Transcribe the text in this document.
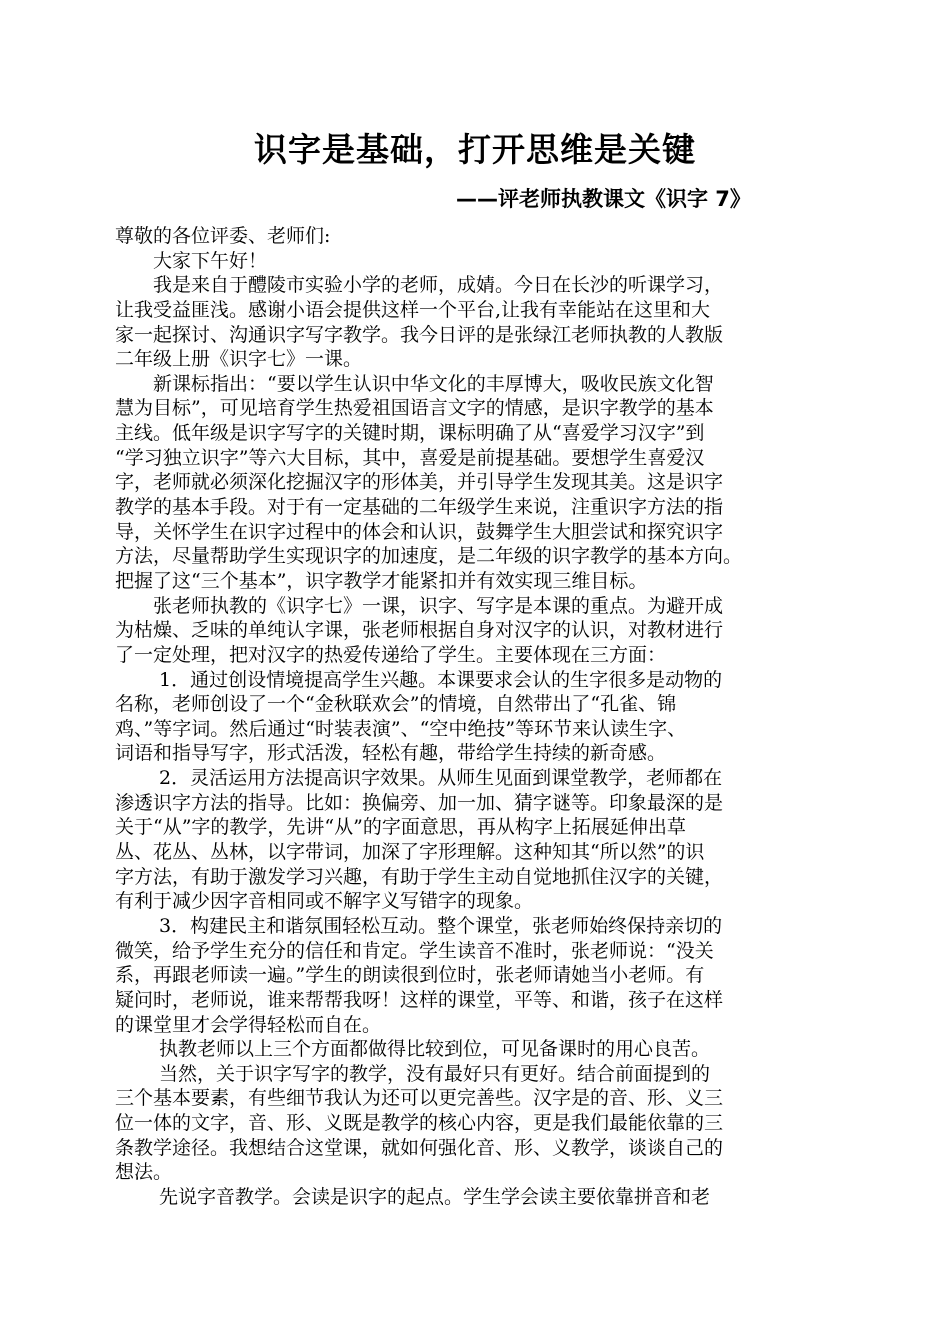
识字是基础，打开思维是关键
——评老师执教课文《识字 7》
尊敬的各位评委、老师们:
　　大家下午好！
　　我是来自于醴陵市实验小学的老师，成婧。今日在长沙的听课学习，
让我受益匪浅。感谢小语会提供这样一个平台,让我有幸能站在这里和大
家一起探讨、沟通识字写字教学。我今日评的是张绿江老师执教的人教版
二年级上册《识字七》一课。
　　新课标指出：“要以学生认识中华文化的丰厚博大，吸收民族文化智
慧为目标”，可见培育学生热爱祖国语言文字的情感，是识字教学的基本
主线。低年级是识字写字的关键时期，课标明确了从“喜爱学习汉字”到
“学习独立识字”等六大目标，其中，喜爱是前提基础。要想学生喜爱汉
字，老师就必须深化挖掘汉字的形体美，并引导学生发现其美。这是识字
教学的基本手段。对于有一定基础的二年级学生来说，注重识字方法的指
导，关怀学生在识字过程中的体会和认识，鼓舞学生大胆尝试和探究识字
方法，尽量帮助学生实现识字的加速度，是二年级的识字教学的基本方向。
把握了这“三个基本”，识字教学才能紧扣并有效实现三维目标。
　　张老师执教的《识字七》一课，识字、写字是本课的重点。为避开成
为枯燥、乏味的单纯认字课，张老师根据自身对汉字的认识，对教材进行
了一定处理，把对汉字的热爱传递给了学生。主要体现在三方面：
　　 1．通过创设情境提高学生兴趣。本课要求会认的生字很多是动物的
名称，老师创设了一个“金秋联欢会”的情境，自然带出了“孔雀、锦
鸡、”等字词。然后通过“时装表演”、“空中绝技”等环节来认读生字、
词语和指导写字，形式活泼，轻松有趣，带给学生持续的新奇感。
　　 2．灵活运用方法提高识字效果。从师生见面到课堂教学，老师都在
渗透识字方法的指导。比如：换偏旁、加一加、猜字谜等。印象最深的是
关于“从”字的教学，先讲“从”的字面意思，再从构字上拓展延伸出草
丛、花丛、丛林，以字带词，加深了字形理解。这种知其“所以然”的识
字方法，有助于激发学习兴趣，有助于学生主动自觉地抓住汉字的关键，
有利于减少因字音相同或不解字义写错字的现象。
　　 3．构建民主和谐氛围轻松互动。整个课堂，张老师始终保持亲切的
微笑，给予学生充分的信任和肯定。学生读音不准时，张老师说：“没关
系，再跟老师读一遍。”学生的朗读很到位时，张老师请她当小老师。有
疑问时，老师说，谁来帮帮我呀！这样的课堂，平等、和谐，孩子在这样
的课堂里才会学得轻松而自在。
　　 执教老师以上三个方面都做得比较到位，可见备课时的用心良苦。
　　 当然，关于识字写字的教学，没有最好只有更好。结合前面提到的
三个基本要素，有些细节我认为还可以更完善些。汉字是的音、形、义三
位一体的文字，音、形、义既是教学的核心内容，更是我们最能依靠的三
条教学途径。我想结合这堂课，就如何强化音、形、义教学，谈谈自己的
想法。
　　 先说字音教学。会读是识字的起点。学生学会读主要依靠拼音和老
